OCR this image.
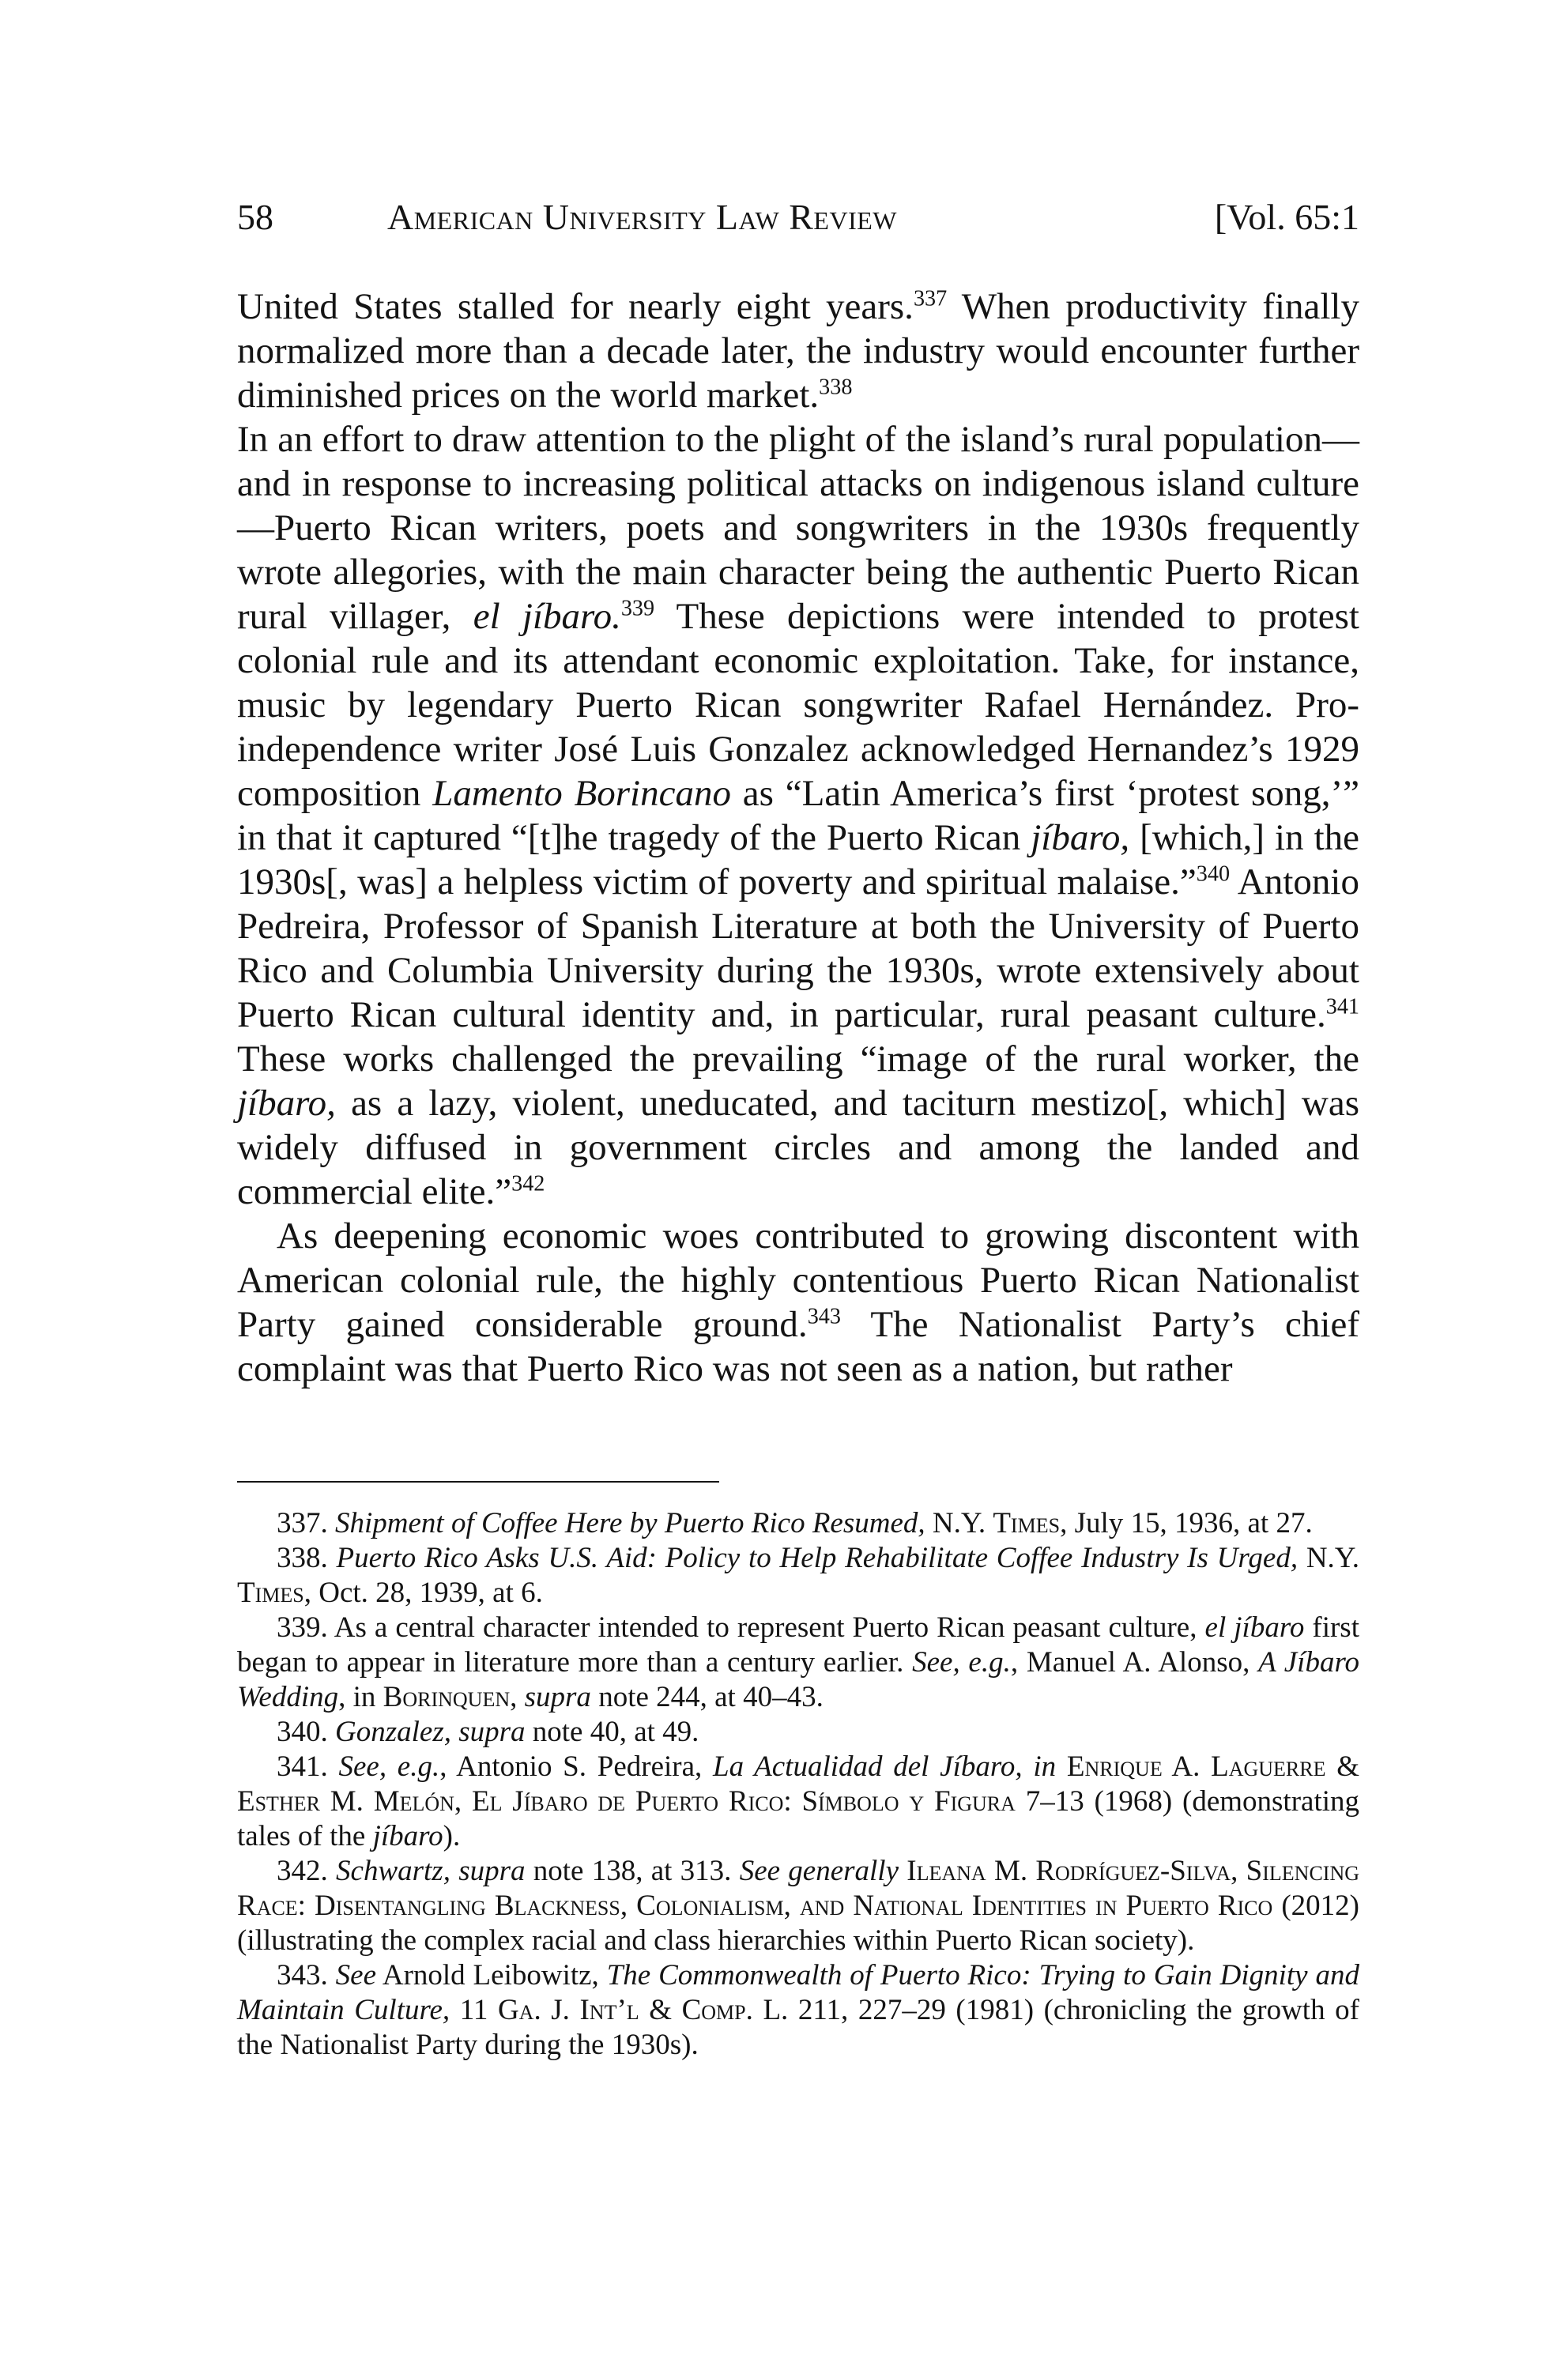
58	American University Law Review	[Vol. 65:1

United States stalled for nearly eight years.$^{337}$ When productivity finally normalized more than a decade later, the industry would encounter further diminished prices on the world market.$^{338}$

In an effort to draw attention to the plight of the island’s rural population—and in response to increasing political attacks on indigenous island culture—Puerto Rican writers, poets and songwriters in the 1930s frequently wrote allegories, with the main character being the authentic Puerto Rican rural villager, el jíbaro.$^{339}$ These depictions were intended to protest colonial rule and its attendant economic exploitation. Take, for instance, music by legendary Puerto Rican songwriter Rafael Hernández. Pro-independence writer José Luis Gonzalez acknowledged Hernandez’s 1929 composition Lamento Borincano as “Latin America’s first ‘protest song,’” in that it captured “[t]he tragedy of the Puerto Rican jíbaro, [which,] in the 1930s[, was] a helpless victim of poverty and spiritual malaise.”$^{340}$ Antonio Pedreira, Professor of Spanish Literature at both the University of Puerto Rico and Columbia University during the 1930s, wrote extensively about Puerto Rican cultural identity and, in particular, rural peasant culture.$^{341}$ These works challenged the prevailing “image of the rural worker, the jíbaro, as a lazy, violent, uneducated, and taciturn mestizo[, which] was widely diffused in government circles and among the landed and commercial elite.”$^{342}$

As deepening economic woes contributed to growing discontent with American colonial rule, the highly contentious Puerto Rican Nationalist Party gained considerable ground.$^{343}$ The Nationalist Party’s chief complaint was that Puerto Rico was not seen as a nation, but rather

337. Shipment of Coffee Here by Puerto Rico Resumed, N.Y. Times, July 15, 1936, at 27.

338. Puerto Rico Asks U.S. Aid: Policy to Help Rehabilitate Coffee Industry Is Urged, N.Y. Times, Oct. 28, 1939, at 6.

339. As a central character intended to represent Puerto Rican peasant culture, el jíbaro first began to appear in literature more than a century earlier. See, e.g., Manuel A. Alonso, A Jíbaro Wedding, in Borinquen, supra note 244, at 40–43.

340. Gonzalez, supra note 40, at 49.

341. See, e.g., Antonio S. Pedreira, La Actualidad del Jíbaro, in Enrique A. Laguerre & Esther M. Melón, El Jíbaro de Puerto Rico: Símbolo y Figura 7–13 (1968) (demonstrating tales of the jíbaro).

342. Schwartz, supra note 138, at 313. See generally Ileana M. Rodríguez-Silva, Silencing Race: Disentangling Blackness, Colonialism, and National Identities in Puerto Rico (2012) (illustrating the complex racial and class hierarchies within Puerto Rican society).

343. See Arnold Leibowitz, The Commonwealth of Puerto Rico: Trying to Gain Dignity and Maintain Culture, 11 Ga. J. Int’l & Comp. L. 211, 227–29 (1981) (chronicling the growth of the Nationalist Party during the 1930s).
